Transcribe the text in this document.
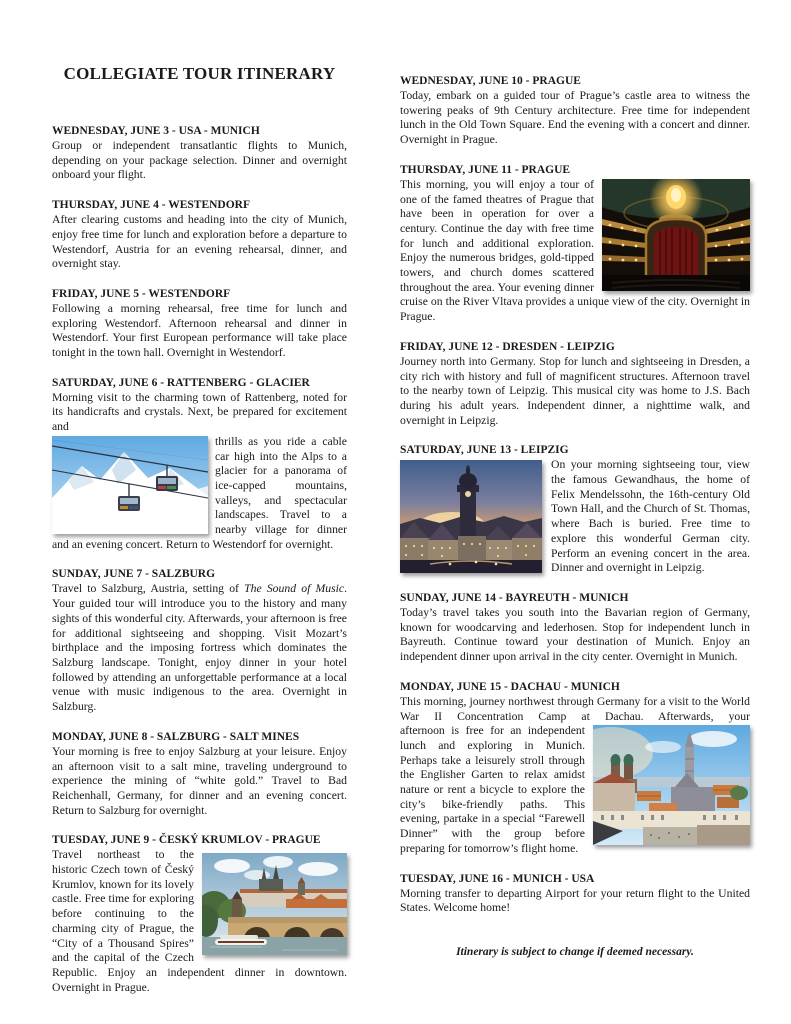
COLLEGIATE TOUR ITINERARY
WEDNESDAY, JUNE 3 - USA - MUNICH

Group or independent transatlantic flights to Munich, depending on your package selection. Dinner and overnight onboard your flight.

THURSDAY, JUNE 4 - WESTENDORF

After clearing customs and heading into the city of Munich, enjoy free time for lunch and exploration before a departure to Westendorf, Austria for an evening rehearsal, dinner, and overnight stay.

FRIDAY, JUNE 5 - WESTENDORF

Following a morning rehearsal, free time for lunch and exploring Westendorf. Afternoon rehearsal and dinner in Westendorf. Your first European performance will take place tonight in the town hall. Overnight in Westendorf.

SATURDAY, JUNE 6 - RATTENBERG - GLACIER

Morning visit to the charming town of Rattenberg, noted for its handicrafts and crystals. Next, be prepared for excitement and

thrills as you ride a cable car high into the Alps to a glacier for a panorama of ice-capped mountains, valleys, and spectacular landscapes. Travel to a nearby village for dinner and an evening concert. Return to Westendorf for overnight.
SUNDAY, JUNE 7 - SALZBURG

Travel to Salzburg, Austria, setting of The Sound of Music. Your guided tour will introduce you to the history and many sights of this wonderful city. Afterwards, your afternoon is free for additional sightseeing and shopping. Visit Mozart’s birthplace and the imposing fortress which dominates the Salzburg landscape. Tonight, enjoy dinner in your hotel followed by attending an unforgettable performance at a local venue with music indigenous to the area. Overnight in Salzburg.

MONDAY, JUNE 8 - SALZBURG - SALT MINES

Your morning is free to enjoy Salzburg at your leisure. Enjoy an afternoon visit to a salt mine, traveling underground to experience the mining of “white gold.” Travel to Bad Reichenhall, Germany, for dinner and an evening concert. Return to Salzburg for overnight.

TUESDAY, JUNE 9 - ČESKÝ KRUMLOV - PRAGUE
Travel northeast to the historic Czech town of Český Krumlov, known for its lovely castle. Free time for exploring before continuing to the charming city of Prague, the “City of a Thousand Spires” and the capital of the Czech Republic. Enjoy an independent dinner in downtown. Overnight in Prague.
WEDNESDAY, JUNE 10 - PRAGUE

Today, embark on a guided tour of Prague’s castle area to witness the towering peaks of 9th Century architecture. Free time for independent lunch in the Old Town Square. End the evening with a concert and dinner. Overnight in Prague.

THURSDAY, JUNE 11 - PRAGUE
This morning, you will enjoy a tour of one of the famed theatres of Prague that have been in operation for over a century. Continue the day with free time for lunch and additional exploration. Enjoy the numerous bridges, gold-tipped towers, and church domes scattered throughout the area. Your evening dinner cruise on the River Vltava provides a unique view of the city. Overnight in Prague.
FRIDAY, JUNE 12 - DRESDEN - LEIPZIG

Journey north into Germany. Stop for lunch and sightseeing in Dresden, a city rich with history and full of magnificent structures. Afternoon travel to the nearby town of Leipzig. This musical city was home to J.S. Bach during his adult years. Independent dinner, a nighttime walk, and overnight in Leipzig.

SATURDAY, JUNE 13 - LEIPZIG
On your morning sightseeing tour, view the famous Gewandhaus, the home of Felix Mendelssohn, the 16th-century Old Town Hall, and the Church of St. Thomas, where Bach is buried. Free time to explore this wonderful German city. Perform an evening concert in the area. Dinner and overnight in Leipzig.
SUNDAY, JUNE 14 - BAYREUTH - MUNICH

Today’s travel takes you south into the Bavarian region of Germany, known for woodcarving and lederhosen. Stop for independent lunch in Bayreuth. Continue toward your destination of Munich. Enjoy an independent dinner upon arrival in the city center. Overnight in Munich.

MONDAY, JUNE 15 - DACHAU - MUNICH

This morning, journey northwest through Germany for a visit to the World War II Concentration Camp at Dachau. Afterwards, your

afternoon is free for an independent lunch and exploring in Munich. Perhaps take a leisurely stroll through the Englisher Garten to relax amidst nature or rent a bicycle to explore the city’s bike-friendly paths. This evening, partake in a special “Farewell Dinner” with the group before preparing for tomorrow’s flight home.
TUESDAY, JUNE 16 - MUNICH - USA

Morning transfer to departing Airport for your return flight to the United States. Welcome home!

Itinerary is subject to change if deemed necessary.
